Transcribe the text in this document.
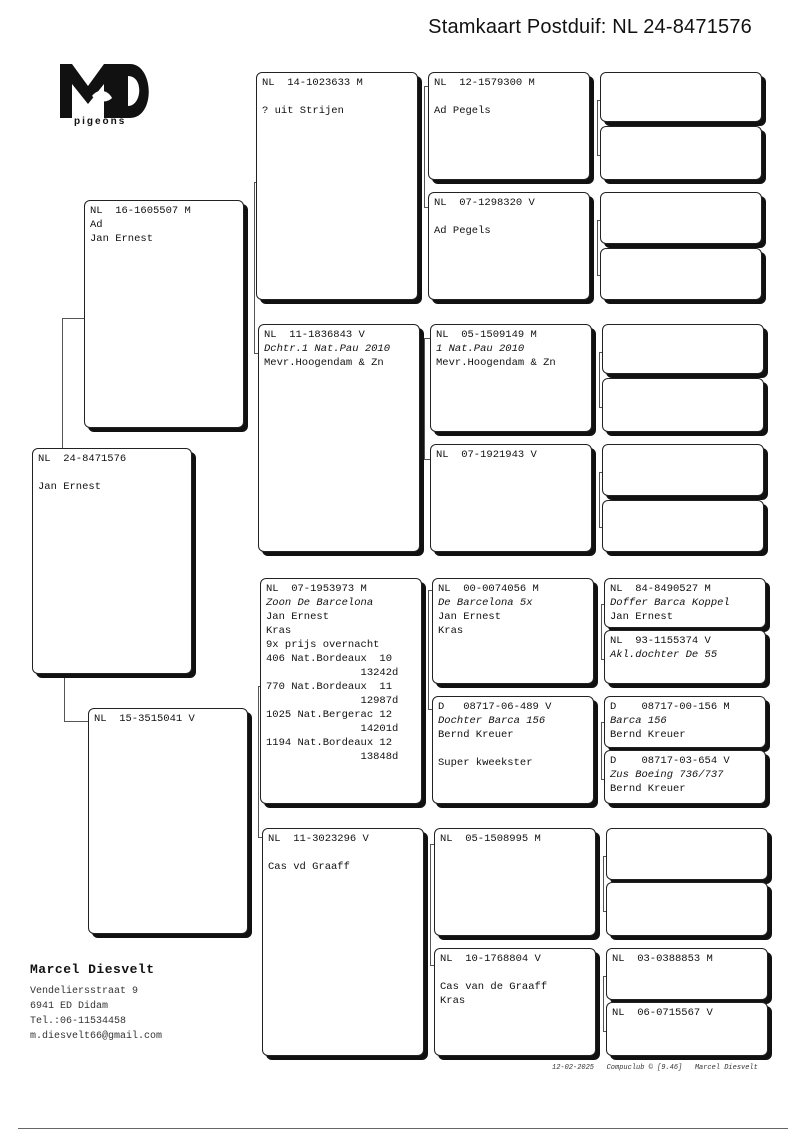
Stamkaart Postduif: NL 24-8471576
pigeons
NL  24-8471576

Jan Ernest
NL  16-1605507 M
Ad
Jan Ernest
NL  15-3515041 V
NL  14-1023633 M

? uit Strijen
NL  11-1836843 V
Dchtr.1 Nat.Pau 2010
Mevr.Hoogendam & Zn
NL  07-1953973 M
Zoon De Barcelona
Jan Ernest
Kras
9x prijs overnacht
406 Nat.Bordeaux  10
13242d
770 Nat.Bordeaux  11
12987d
1025 Nat.Bergerac 12
14201d
1194 Nat.Bordeaux 12
13848d
NL  11-3023296 V

Cas vd Graaff
NL  12-1579300 M

Ad Pegels
NL  07-1298320 V

Ad Pegels
NL  05-1509149 M
1 Nat.Pau 2010
Mevr.Hoogendam & Zn
NL  07-1921943 V
NL  00-0074056 M
De Barcelona 5x
Jan Ernest
Kras
D   08717-06-489 V
Dochter Barca 156
Bernd Kreuer

Super kweekster
NL  05-1508995 M
NL  10-1768804 V

Cas van de Graaff
Kras
NL  84-8490527 M
Doffer Barca Koppel
Jan Ernest
NL  93-1155374 V
Akl.dochter De 55
D    08717-00-156 M
Barca 156
Bernd Kreuer
D    08717-03-654 V
Zus Boeing 736/737
Bernd Kreuer
NL  03-0388853 M
NL  06-0715567 V
Marcel Diesvelt
Vendeliersstraat 9
6941 ED Didam
Tel.:06-11534458
m.diesvelt66@gmail.com
12-02-2025   Compuclub © [9.46]   Marcel Diesvelt
